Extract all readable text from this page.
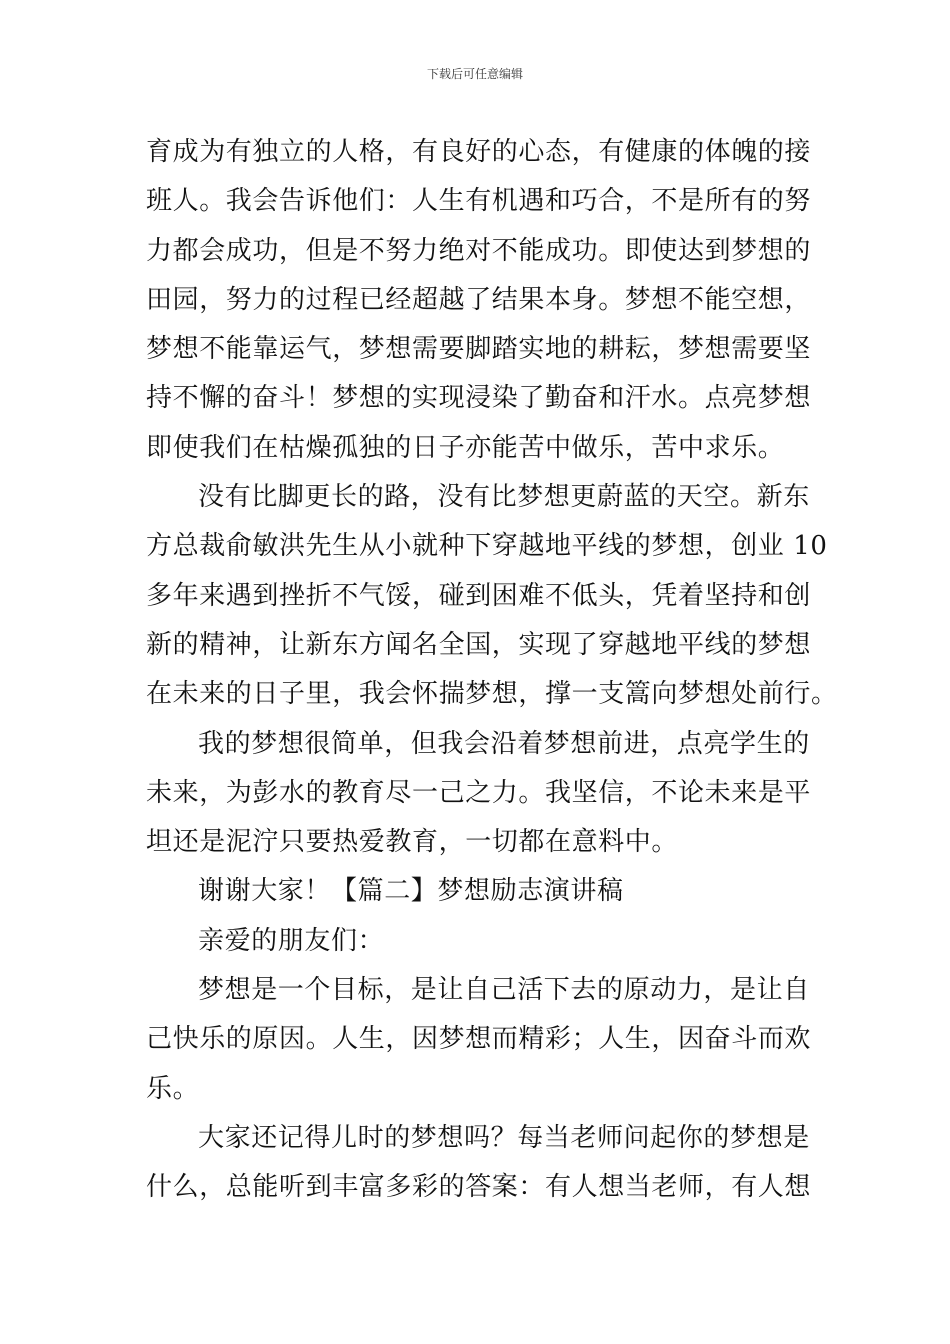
下载后可任意编辑
育成为有独立的人格，有良好的心态，有健康的体魄的接
班人。我会告诉他们：人生有机遇和巧合，不是所有的努
力都会成功，但是不努力绝对不能成功。即使达到梦想的
田园，努力的过程已经超越了结果本身。梦想不能空想，
梦想不能靠运气，梦想需要脚踏实地的耕耘，梦想需要坚
持不懈的奋斗！梦想的实现浸染了勤奋和汗水。点亮梦想
即使我们在枯燥孤独的日子亦能苦中做乐，苦中求乐。
没有比脚更长的路，没有比梦想更蔚蓝的天空。新东
方总裁俞敏洪先生从小就种下穿越地平线的梦想，创业 10
多年来遇到挫折不气馁，碰到困难不低头，凭着坚持和创
新的精神，让新东方闻名全国，实现了穿越地平线的梦想
在未来的日子里，我会怀揣梦想，撑一支篙向梦想处前行。
我的梦想很简单，但我会沿着梦想前进，点亮学生的
未来，为彭水的教育尽一己之力。我坚信，不论未来是平
坦还是泥泞只要热爱教育，一切都在意料中。
谢谢大家！【篇二】梦想励志演讲稿
亲爱的朋友们：
梦想是一个目标，是让自己活下去的原动力，是让自
己快乐的原因。人生，因梦想而精彩；人生，因奋斗而欢
乐。
大家还记得儿时的梦想吗？每当老师问起你的梦想是
什么，总能听到丰富多彩的答案：有人想当老师，有人想
